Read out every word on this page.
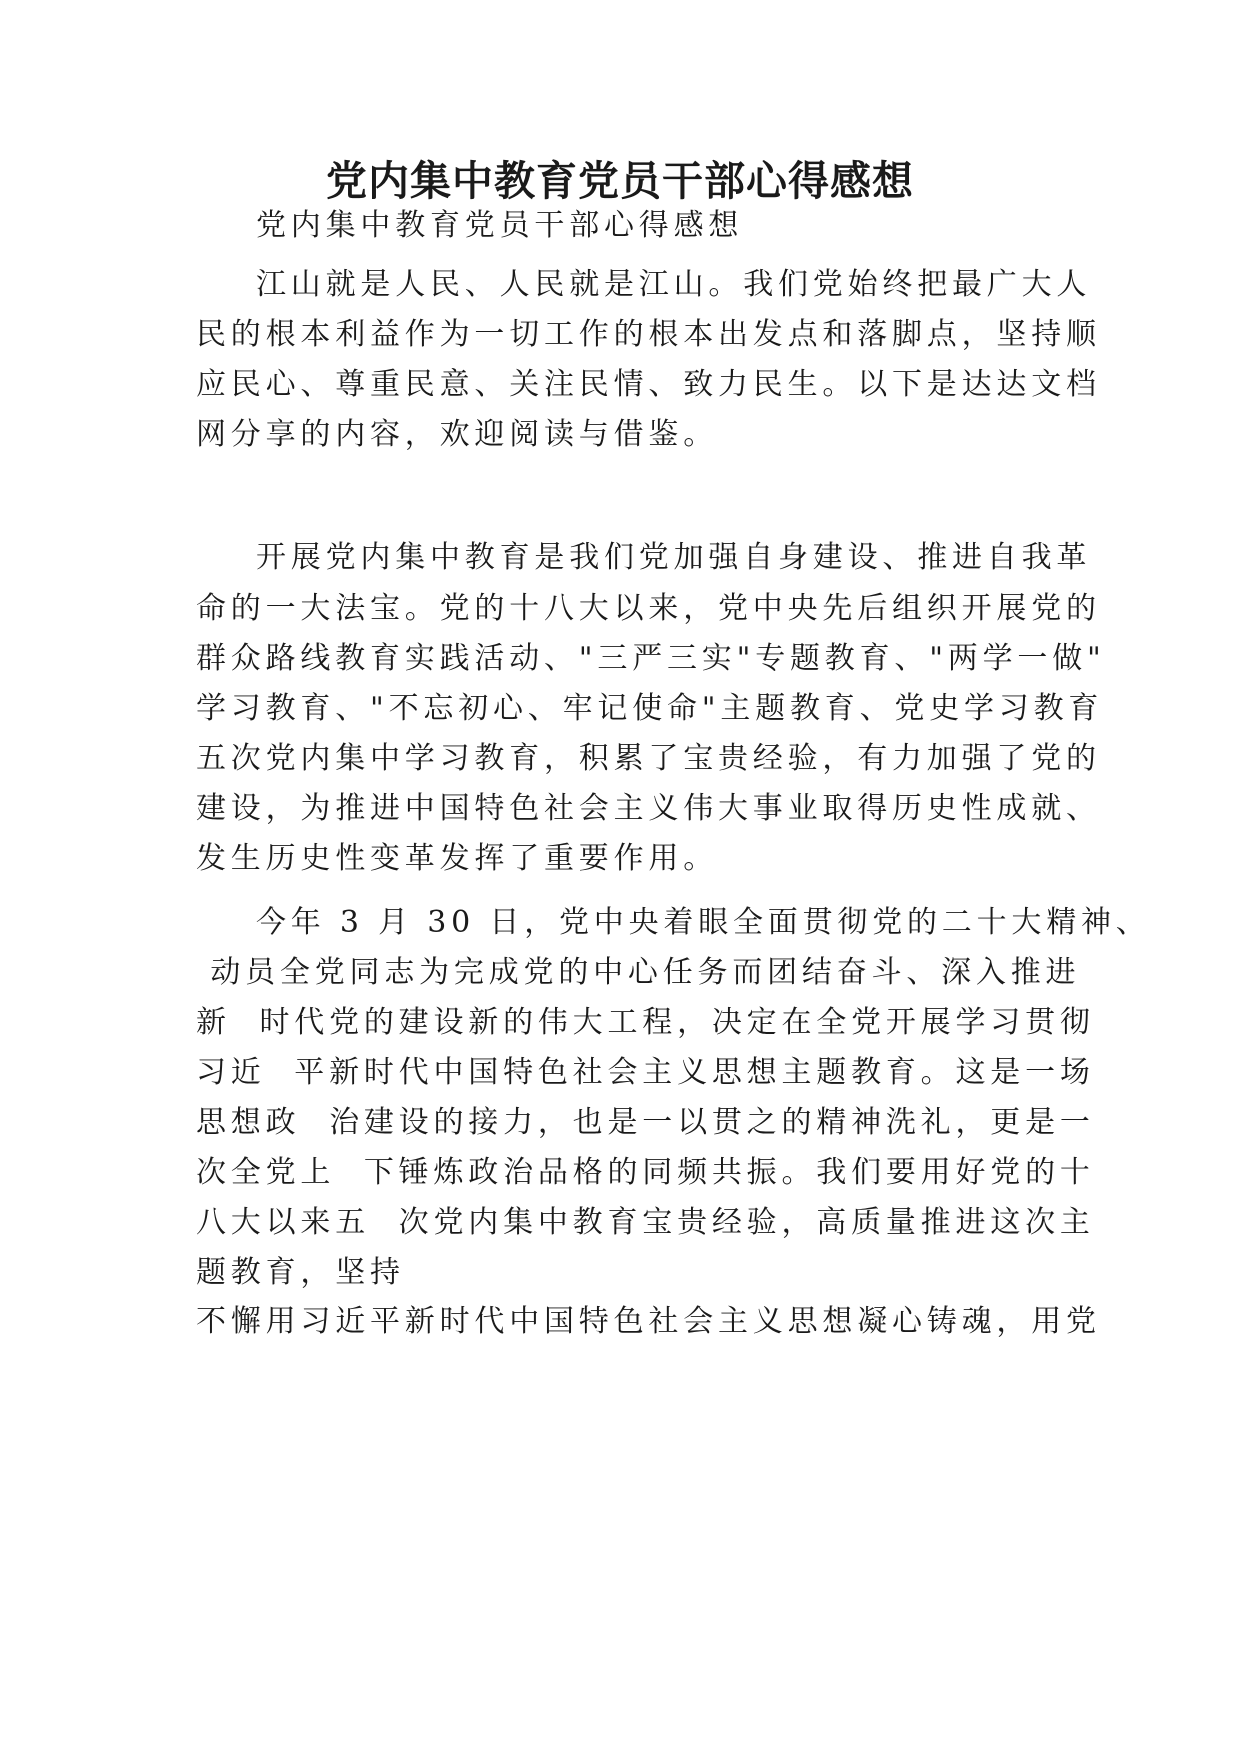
党内集中教育党员干部心得感想

党内集中教育党员干部心得感想

江山就是人民、人民就是江山。我们党始终把最广大人

民的根本利益作为一切工作的根本出发点和落脚点，坚持顺

应民心、尊重民意、关注民情、致力民生。以下是达达文档

网分享的内容，欢迎阅读与借鉴。

开展党内集中教育是我们党加强自身建设、推进自我革

命的一大法宝。党的十八大以来，党中央先后组织开展党的

群众路线教育实践活动、"三严三实"专题教育、"两学一做"

学习教育、"不忘初心、牢记使命"主题教育、党史学习教育

五次党内集中学习教育，积累了宝贵经验，有力加强了党的

建设，为推进中国特色社会主义伟大事业取得历史性成就、

发生历史性变革发挥了重要作用。

今年 3 月 30 日，党中央着眼全面贯彻党的二十大精神、

动员全党同志为完成党的中心任务而团结奋斗、深入推进

新  时代党的建设新的伟大工程，决定在全党开展学习贯彻

习近  平新时代中国特色社会主义思想主题教育。这是一场

思想政  治建设的接力，也是一以贯之的精神洗礼，更是一

次全党上  下锤炼政治品格的同频共振。我们要用好党的十

八大以来五  次党内集中教育宝贵经验，高质量推进这次主

题教育，坚持

不懈用习近平新时代中国特色社会主义思想凝心铸魂，用党
